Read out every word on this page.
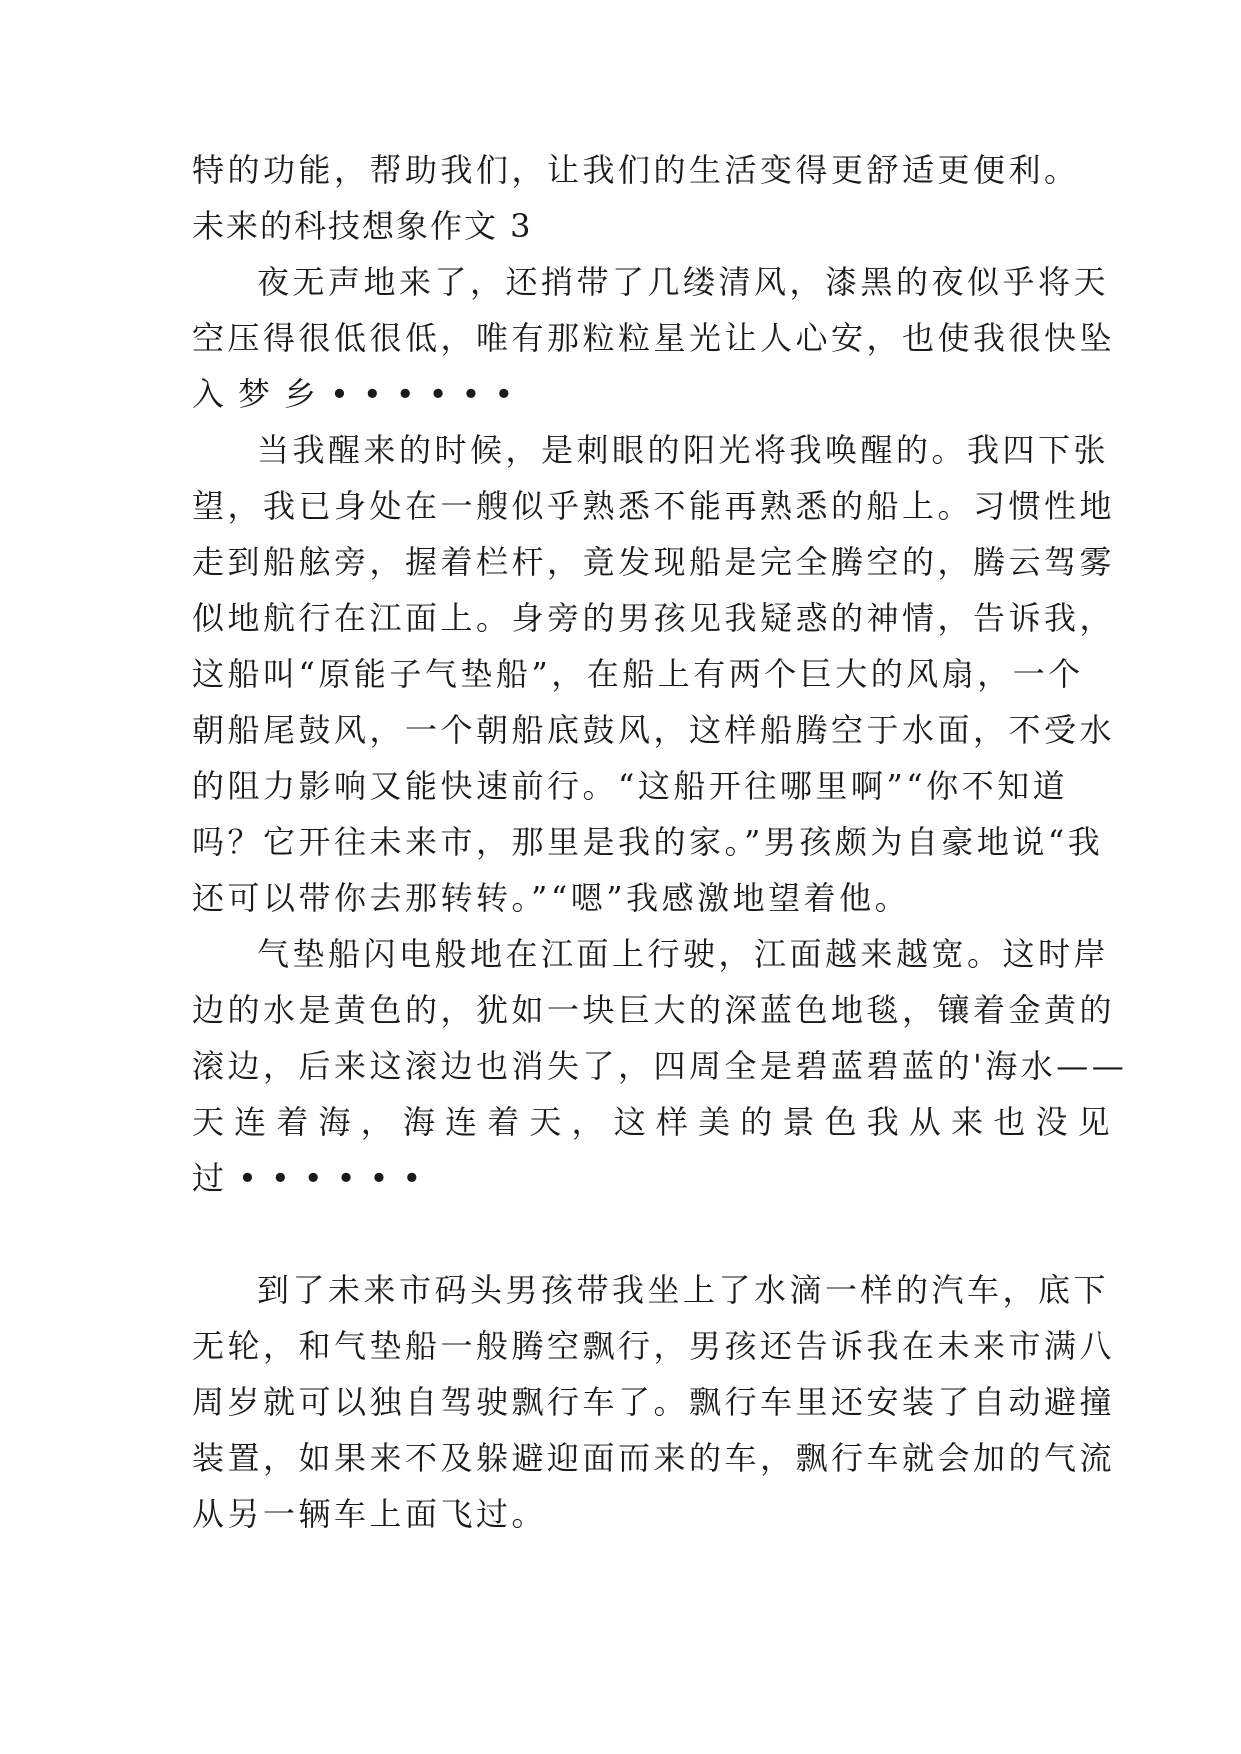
特的功能，帮助我们，让我们的生活变得更舒适更便利。
未来的科技想象作文 3
夜无声地来了，还捎带了几缕清风，漆黑的夜似乎将天
空压得很低很低，唯有那粒粒星光让人心安，也使我很快坠
入梦乡••••••
当我醒来的时候，是刺眼的阳光将我唤醒的。我四下张
望，我已身处在一艘似乎熟悉不能再熟悉的船上。习惯性地
走到船舷旁，握着栏杆，竟发现船是完全腾空的，腾云驾雾
似地航行在江面上。身旁的男孩见我疑惑的神情，告诉我，
这船叫“原能子气垫船”，在船上有两个巨大的风扇，一个
朝船尾鼓风，一个朝船底鼓风，这样船腾空于水面，不受水
的阻力影响又能快速前行。“这船开往哪里啊”“你不知道
吗？它开往未来市，那里是我的家。”男孩颇为自豪地说“我
还可以带你去那转转。”“嗯”我感激地望着他。
气垫船闪电般地在江面上行驶，江面越来越宽。这时岸
边的水是黄色的，犹如一块巨大的深蓝色地毯，镶着金黄的
滚边，后来这滚边也消失了，四周全是碧蓝碧蓝的'海水——
天 连 着 海 ， 海 连 着 天 ， 这 样 美 的 景 色 我 从 来 也 没 见
过••••••
到了未来市码头男孩带我坐上了水滴一样的汽车，底下
无轮，和气垫船一般腾空飘行，男孩还告诉我在未来市满八
周岁就可以独自驾驶飘行车了。飘行车里还安装了自动避撞
装置，如果来不及躲避迎面而来的车，飘行车就会加的气流
从另一辆车上面飞过。
